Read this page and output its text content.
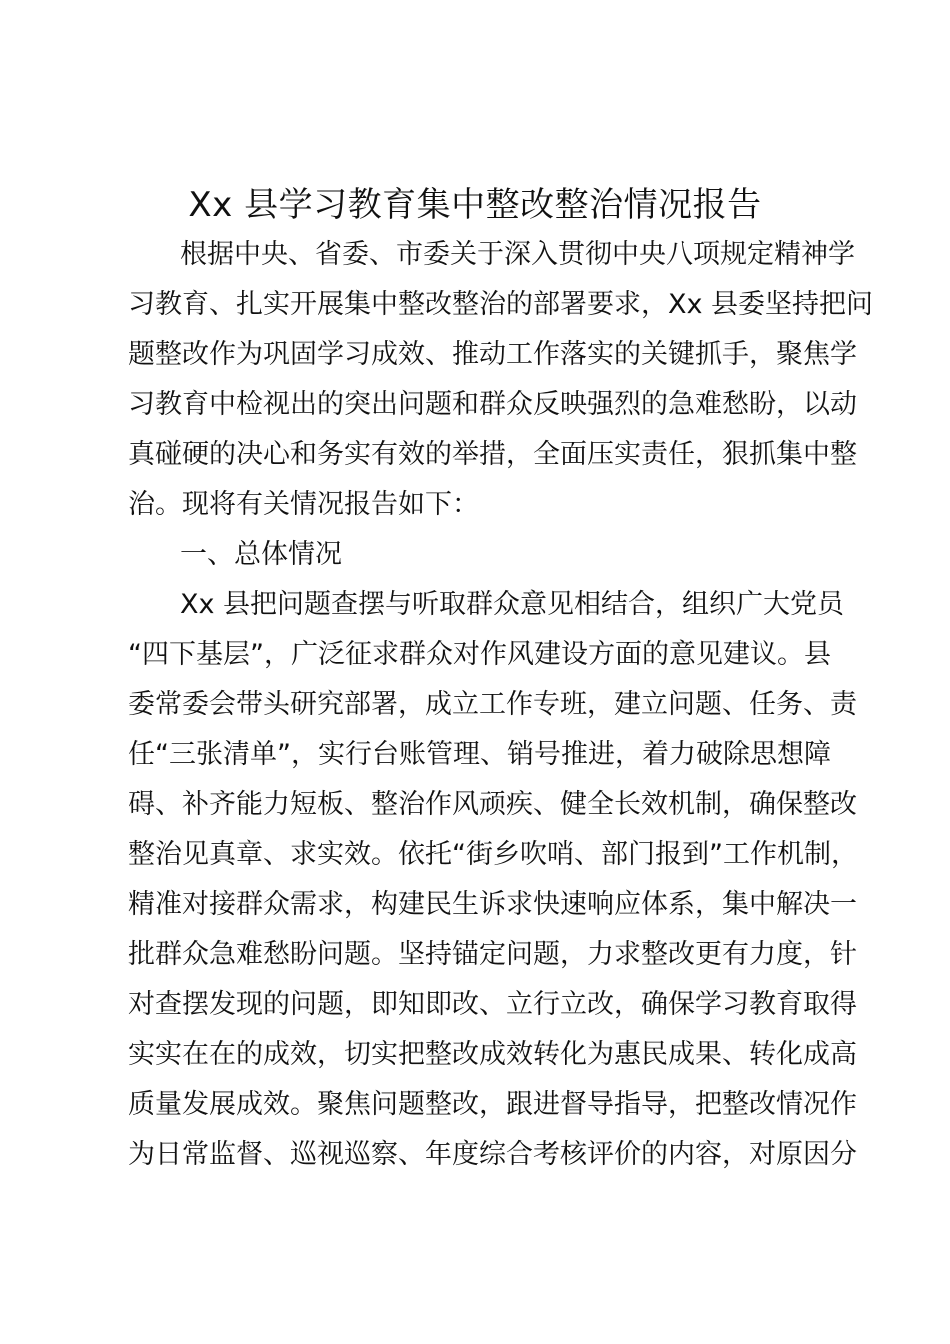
Xx 县学习教育集中整改整治情况报告

根据中央、省委、市委关于深入贯彻中央八项规定精神学

习教育、扎实开展集中整改整治的部署要求，Xx 县委坚持把问

题整改作为巩固学习成效、推动工作落实的关键抓手，聚焦学

习教育中检视出的突出问题和群众反映强烈的急难愁盼，以动

真碰硬的决心和务实有效的举措，全面压实责任，狠抓集中整

治。现将有关情况报告如下：

一、总体情况

Xx 县把问题查摆与听取群众意见相结合，组织广大党员

“四下基层”，广泛征求群众对作风建设方面的意见建议。县

委常委会带头研究部署，成立工作专班，建立问题、任务、责

任“三张清单”，实行台账管理、销号推进，着力破除思想障

碍、补齐能力短板、整治作风顽疾、健全长效机制，确保整改

整治见真章、求实效。依托“街乡吹哨、部门报到”工作机制，

精准对接群众需求，构建民生诉求快速响应体系，集中解决一

批群众急难愁盼问题。坚持锚定问题，力求整改更有力度，针

对查摆发现的问题，即知即改、立行立改，确保学习教育取得

实实在在的成效，切实把整改成效转化为惠民成果、转化成高

质量发展成效。聚焦问题整改，跟进督导指导，把整改情况作

为日常监督、巡视巡察、年度综合考核评价的内容，对原因分
